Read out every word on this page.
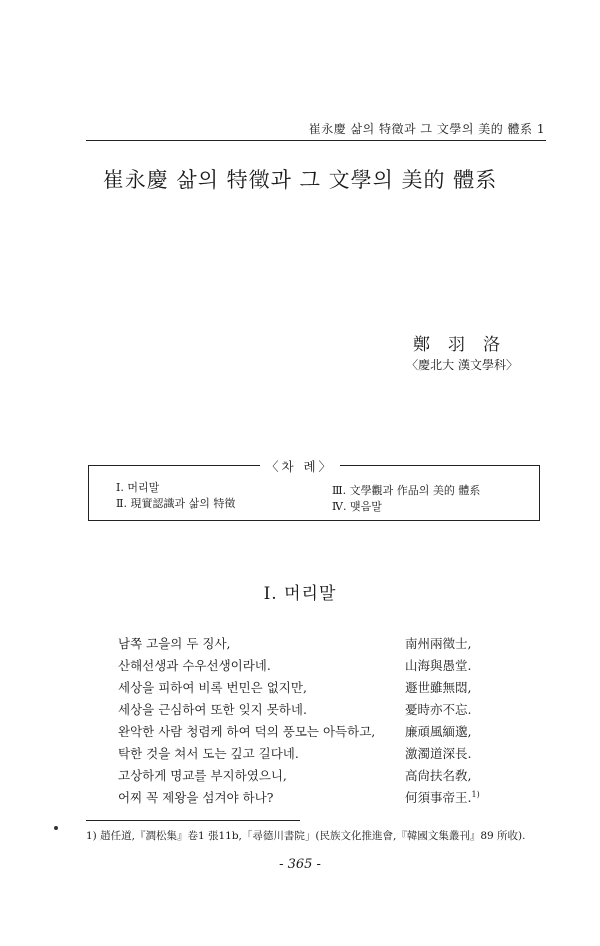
崔永慶 삶의 特徵과 그 文學의 美的 體系 1
崔永慶 삶의 特徵과 그 文學의 美的 體系
鄭羽洛
〈慶北大 漢文學科〉
〈차 례〉
Ⅰ. 머리말
Ⅱ. 現實認識과 삶의 特徵
Ⅲ. 文學觀과 作品의 美的 體系
Ⅳ. 맺음말
Ⅰ. 머리말
남쪽 고을의 두 징사,	南州兩徵士,
산해선생과 수우선생이라네.	山海與愚堂.
세상을 피하여 비록 번민은 없지만,	遯世雖無悶,
세상을 근심하여 또한 잊지 못하네.	憂時亦不忘.
완악한 사람 청렴케 하여 덕의 풍모는 아득하고, 廉頑風緬邈,
탁한 것을 쳐서 도는 깊고 길다네.	激濁道深長.
고상하게 명교를 부지하였으니,	高尙扶名敎,
어찌 꼭 제왕을 섬겨야 하나?	何須事帝王.$^{1)}$
1) 趙任道,『澗松集』卷1 張11b,「尋德川書院」(民族文化推進會,『韓國文集叢刊』89 所收).
- 365 -
